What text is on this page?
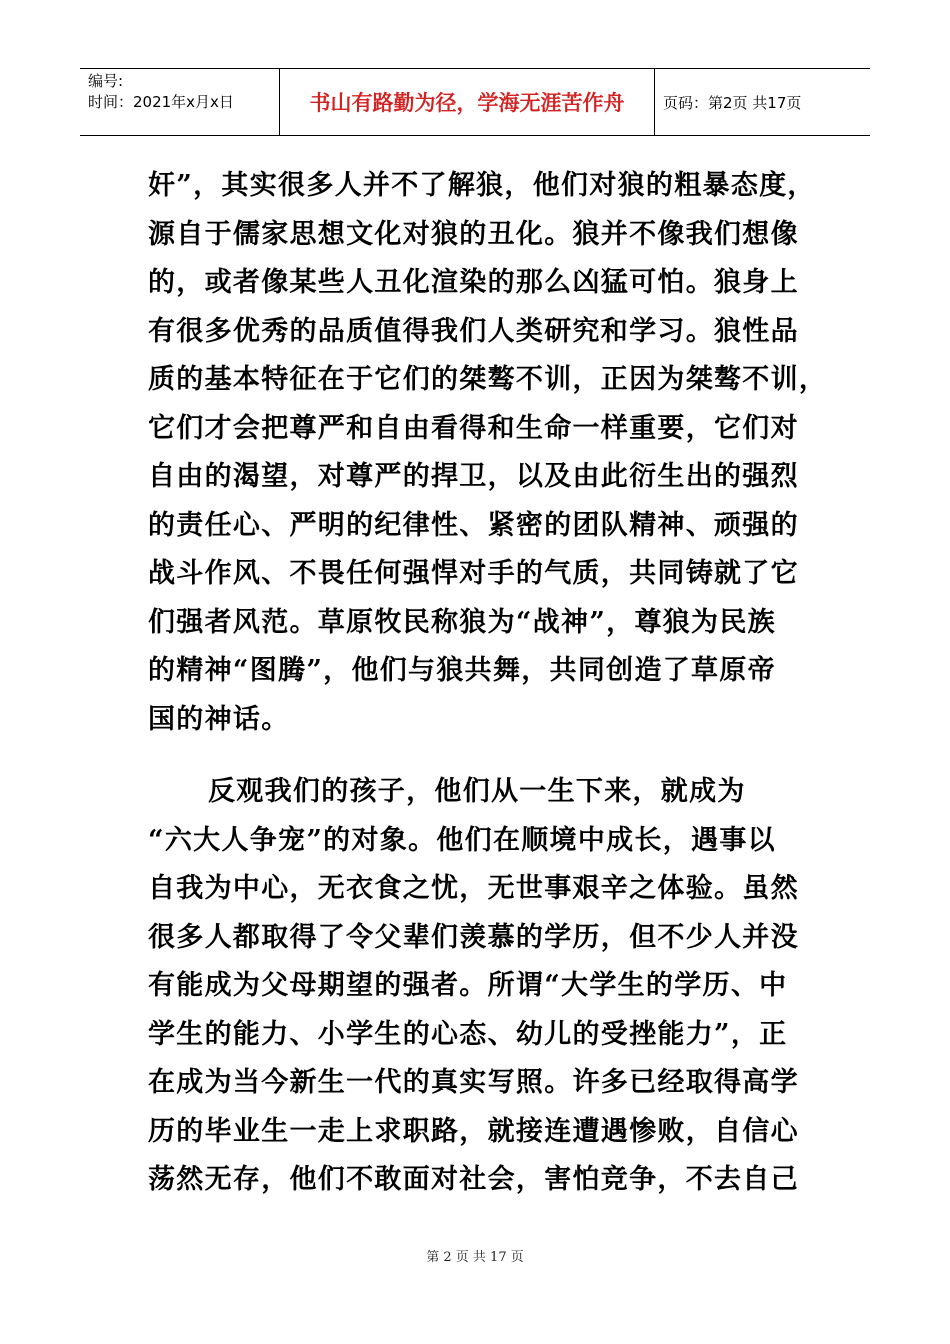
编号:
时间：2021年x月x日	书山有路勤为径，学海无涯苦作舟	页码：第2页 共17页
奸”，其实很多人并不了解狼，他们对狼的粗暴态度，
源自于儒家思想文化对狼的丑化。狼并不像我们想像
的，或者像某些人丑化渲染的那么凶猛可怕。狼身上
有很多优秀的品质值得我们人类研究和学习。狼性品
质的基本特征在于它们的桀骜不训，正因为桀骜不训，
它们才会把尊严和自由看得和生命一样重要，它们对
自由的渴望，对尊严的捍卫，以及由此衍生出的强烈
的责任心、严明的纪律性、紧密的团队精神、顽强的
战斗作风、不畏任何强悍对手的气质，共同铸就了它
们强者风范。草原牧民称狼为“战神”，尊狼为民族
的精神“图腾”，他们与狼共舞，共同创造了草原帝
国的神话。
反观我们的孩子，他们从一生下来，就成为
“六大人争宠”的对象。他们在顺境中成长，遇事以
自我为中心，无衣食之忧，无世事艰辛之体验。虽然
很多人都取得了令父辈们羡慕的学历，但不少人并没
有能成为父母期望的强者。所谓“大学生的学历、中
学生的能力、小学生的心态、幼儿的受挫能力”，正
在成为当今新生一代的真实写照。许多已经取得高学
历的毕业生一走上求职路，就接连遭遇惨败，自信心
荡然无存，他们不敢面对社会，害怕竞争，不去自己
第 2 页 共 17 页
